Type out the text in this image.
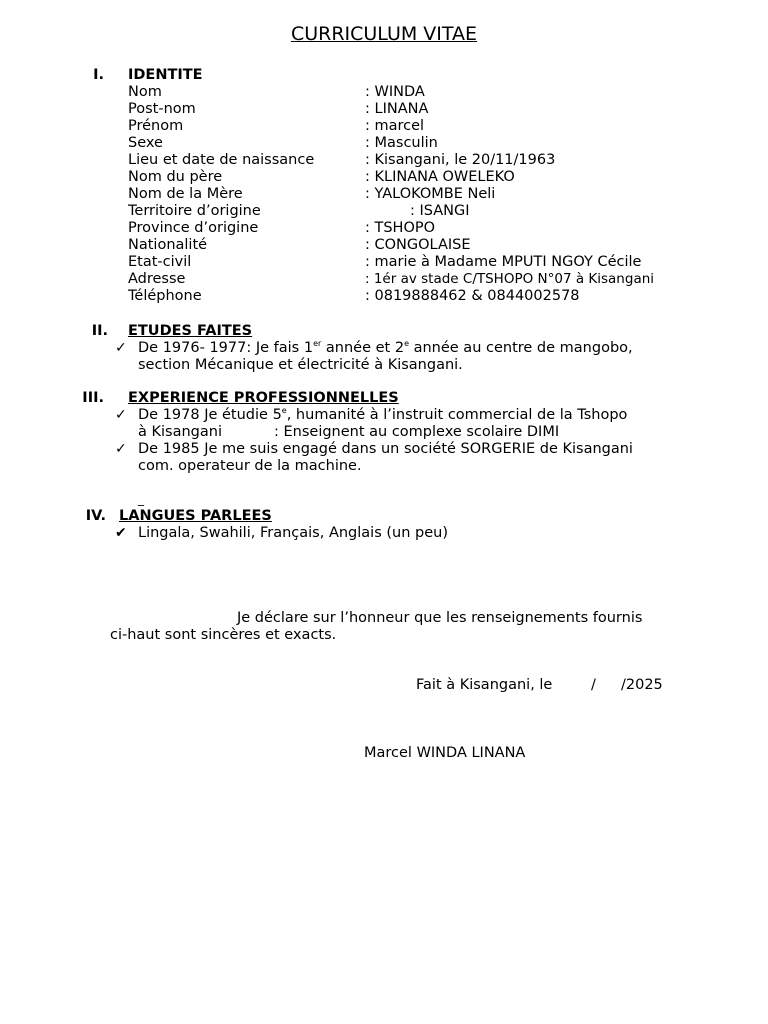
CURRICULUM VITAE
I. IDENTITE
Nom	: WINDA
Post-nom	: LINANA
Prénom	: marcel
Sexe	: Masculin
Lieu et date de naissance	: Kisangani, le 20/11/1963
Nom du père	: KLINANA OWELEKO
Nom de la Mère	: YALOKOMBE Neli
Territoire d’origine	: ISANGI
Province d’origine	: TSHOPO
Nationalité	: CONGOLAISE
Etat-civil	: marie à Madame MPUTI NGOY Cécile
Adresse	: 1ér av stade C/TSHOPO N°07 à Kisangani
Téléphone	: 0819888462 & 0844002578
II. ETUDES FAITES
✓ De 1976- 1977: Je fais 1er année et 2e année au centre de mangobo,
section Mécanique et électricité à Kisangani.
III. EXPERIENCE PROFESSIONNELLES
✓ De 1978 Je étudie 5e, humanité à l’instruit commercial de la Tshopo
à Kisangani	: Enseignent au complexe scolaire DIMI
✓ De 1985 Je me suis engagé dans un société SORGERIE de Kisangani
com. operateur de la machine.
_
IV. LANGUES PARLEES
✔ Lingala, Swahili, Français, Anglais (un peu)
Je déclare sur l’honneur que les renseignements fournis
ci-haut sont sincères et exacts.
Fait à Kisangani, le	/ /2025
Marcel WINDA LINANA
